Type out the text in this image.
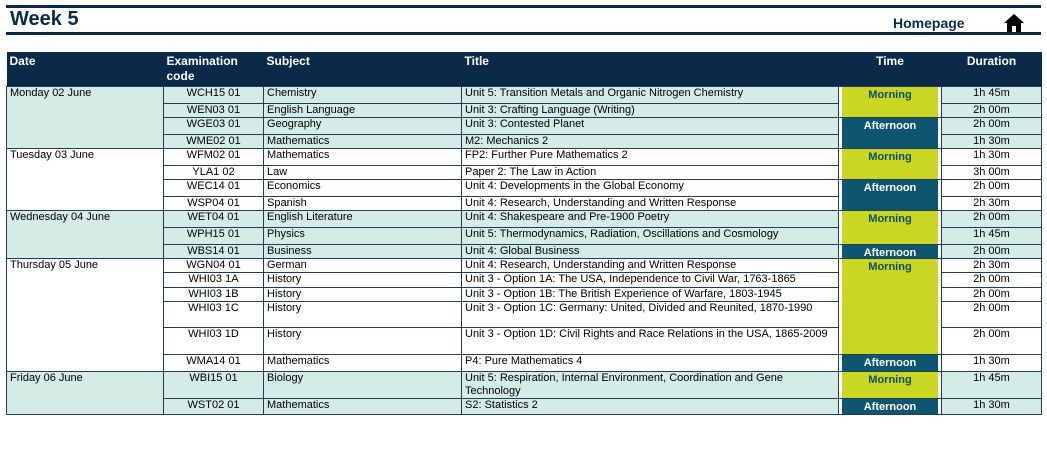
Week 5	Homepage
Date	Examination code	Subject	Title	Time	Duration
Monday 02 June	WCH15 01	Chemistry	Unit 5: Transition Metals and Organic Nitrogen Chemistry	Morning	1h 45m
	WEN03 01	English Language	Unit 3: Crafting Language (Writing)		2h 00m
	WGE03 01	Geography	Unit 3: Contested Planet	Afternoon	2h 00m
	WME02 01	Mathematics	M2: Mechanics 2		1h 30m
Tuesday 03 June	WFM02 01	Mathematics	FP2: Further Pure Mathematics 2	Morning	1h 30m
	YLA1 02	Law	Paper 2: The Law in Action		3h 00m
	WEC14 01	Economics	Unit 4: Developments in the Global Economy	Afternoon	2h 00m
	WSP04 01	Spanish	Unit 4: Research, Understanding and Written Response		2h 30m
Wednesday 04 June	WET04 01	English Literature	Unit 4: Shakespeare and Pre-1900 Poetry	Morning	2h 00m
	WPH15 01	Physics	Unit 5: Thermodynamics, Radiation, Oscillations and Cosmology		1h 45m
	WBS14 01	Business	Unit 4: Global Business	Afternoon	2h 00m
Thursday 05 June	WGN04 01	German	Unit 4: Research, Understanding and Written Response	Morning	2h 30m
	WHI03 1A	History	Unit 3 - Option 1A: The USA, Independence to Civil War, 1763-1865		2h 00m
	WHI03 1B	History	Unit 3 - Option 1B: The British Experience of Warfare, 1803-1945		2h 00m
	WHI03 1C	History	Unit 3 - Option 1C: Germany: United, Divided and Reunited, 1870-1990		2h 00m
	WHI03 1D	History	Unit 3 - Option 1D: Civil Rights and Race Relations in the USA, 1865-2009		2h 00m
	WMA14 01	Mathematics	P4: Pure Mathematics 4	Afternoon	1h 30m
Friday 06 June	WBI15 01	Biology	Unit 5: Respiration, Internal Environment, Coordination and Gene Technology	Morning	1h 45m
	WST02 01	Mathematics	S2: Statistics 2	Afternoon	1h 30m
